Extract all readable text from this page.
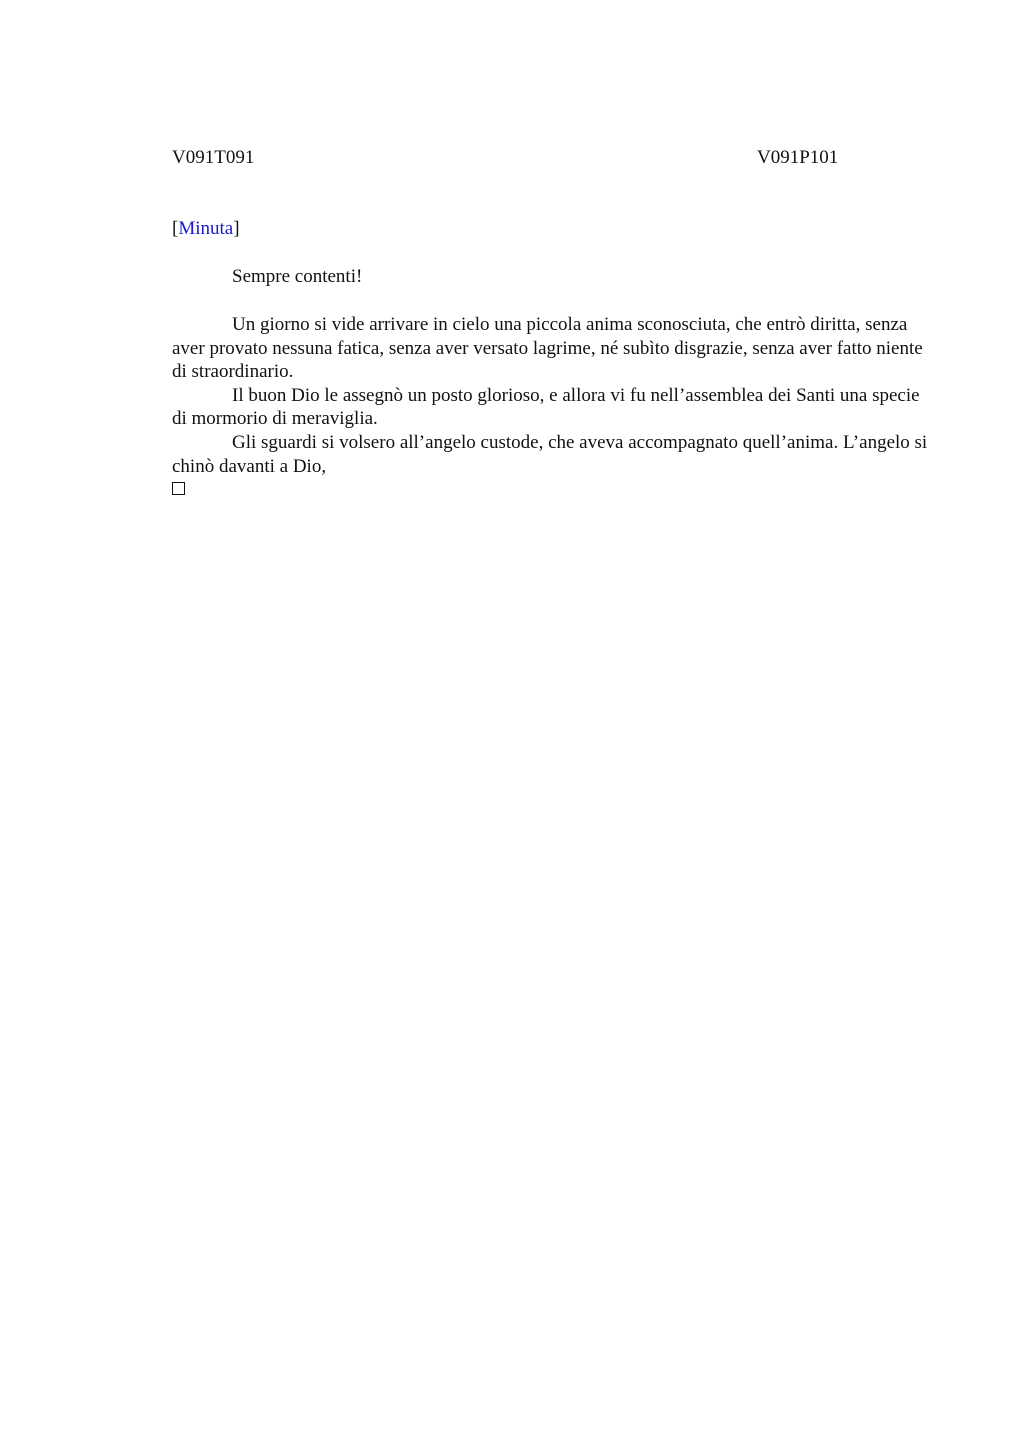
V091T091	V091P101
[Minuta]
Sempre contenti!

Un giorno si vide arrivare in cielo una piccola anima sconosciuta, che entrò diritta, senza aver provato nessuna fatica, senza aver versato lagrime, né subìto disgrazie, senza aver fatto niente di straordinario.

Il buon Dio le assegnò un posto glorioso, e allora vi fu nell’assemblea dei Santi una specie di mormorio di meraviglia.

Gli sguardi si volsero all’angelo custode, che aveva accompagnato quell’anima. L’angelo si chinò davanti a Dio,
